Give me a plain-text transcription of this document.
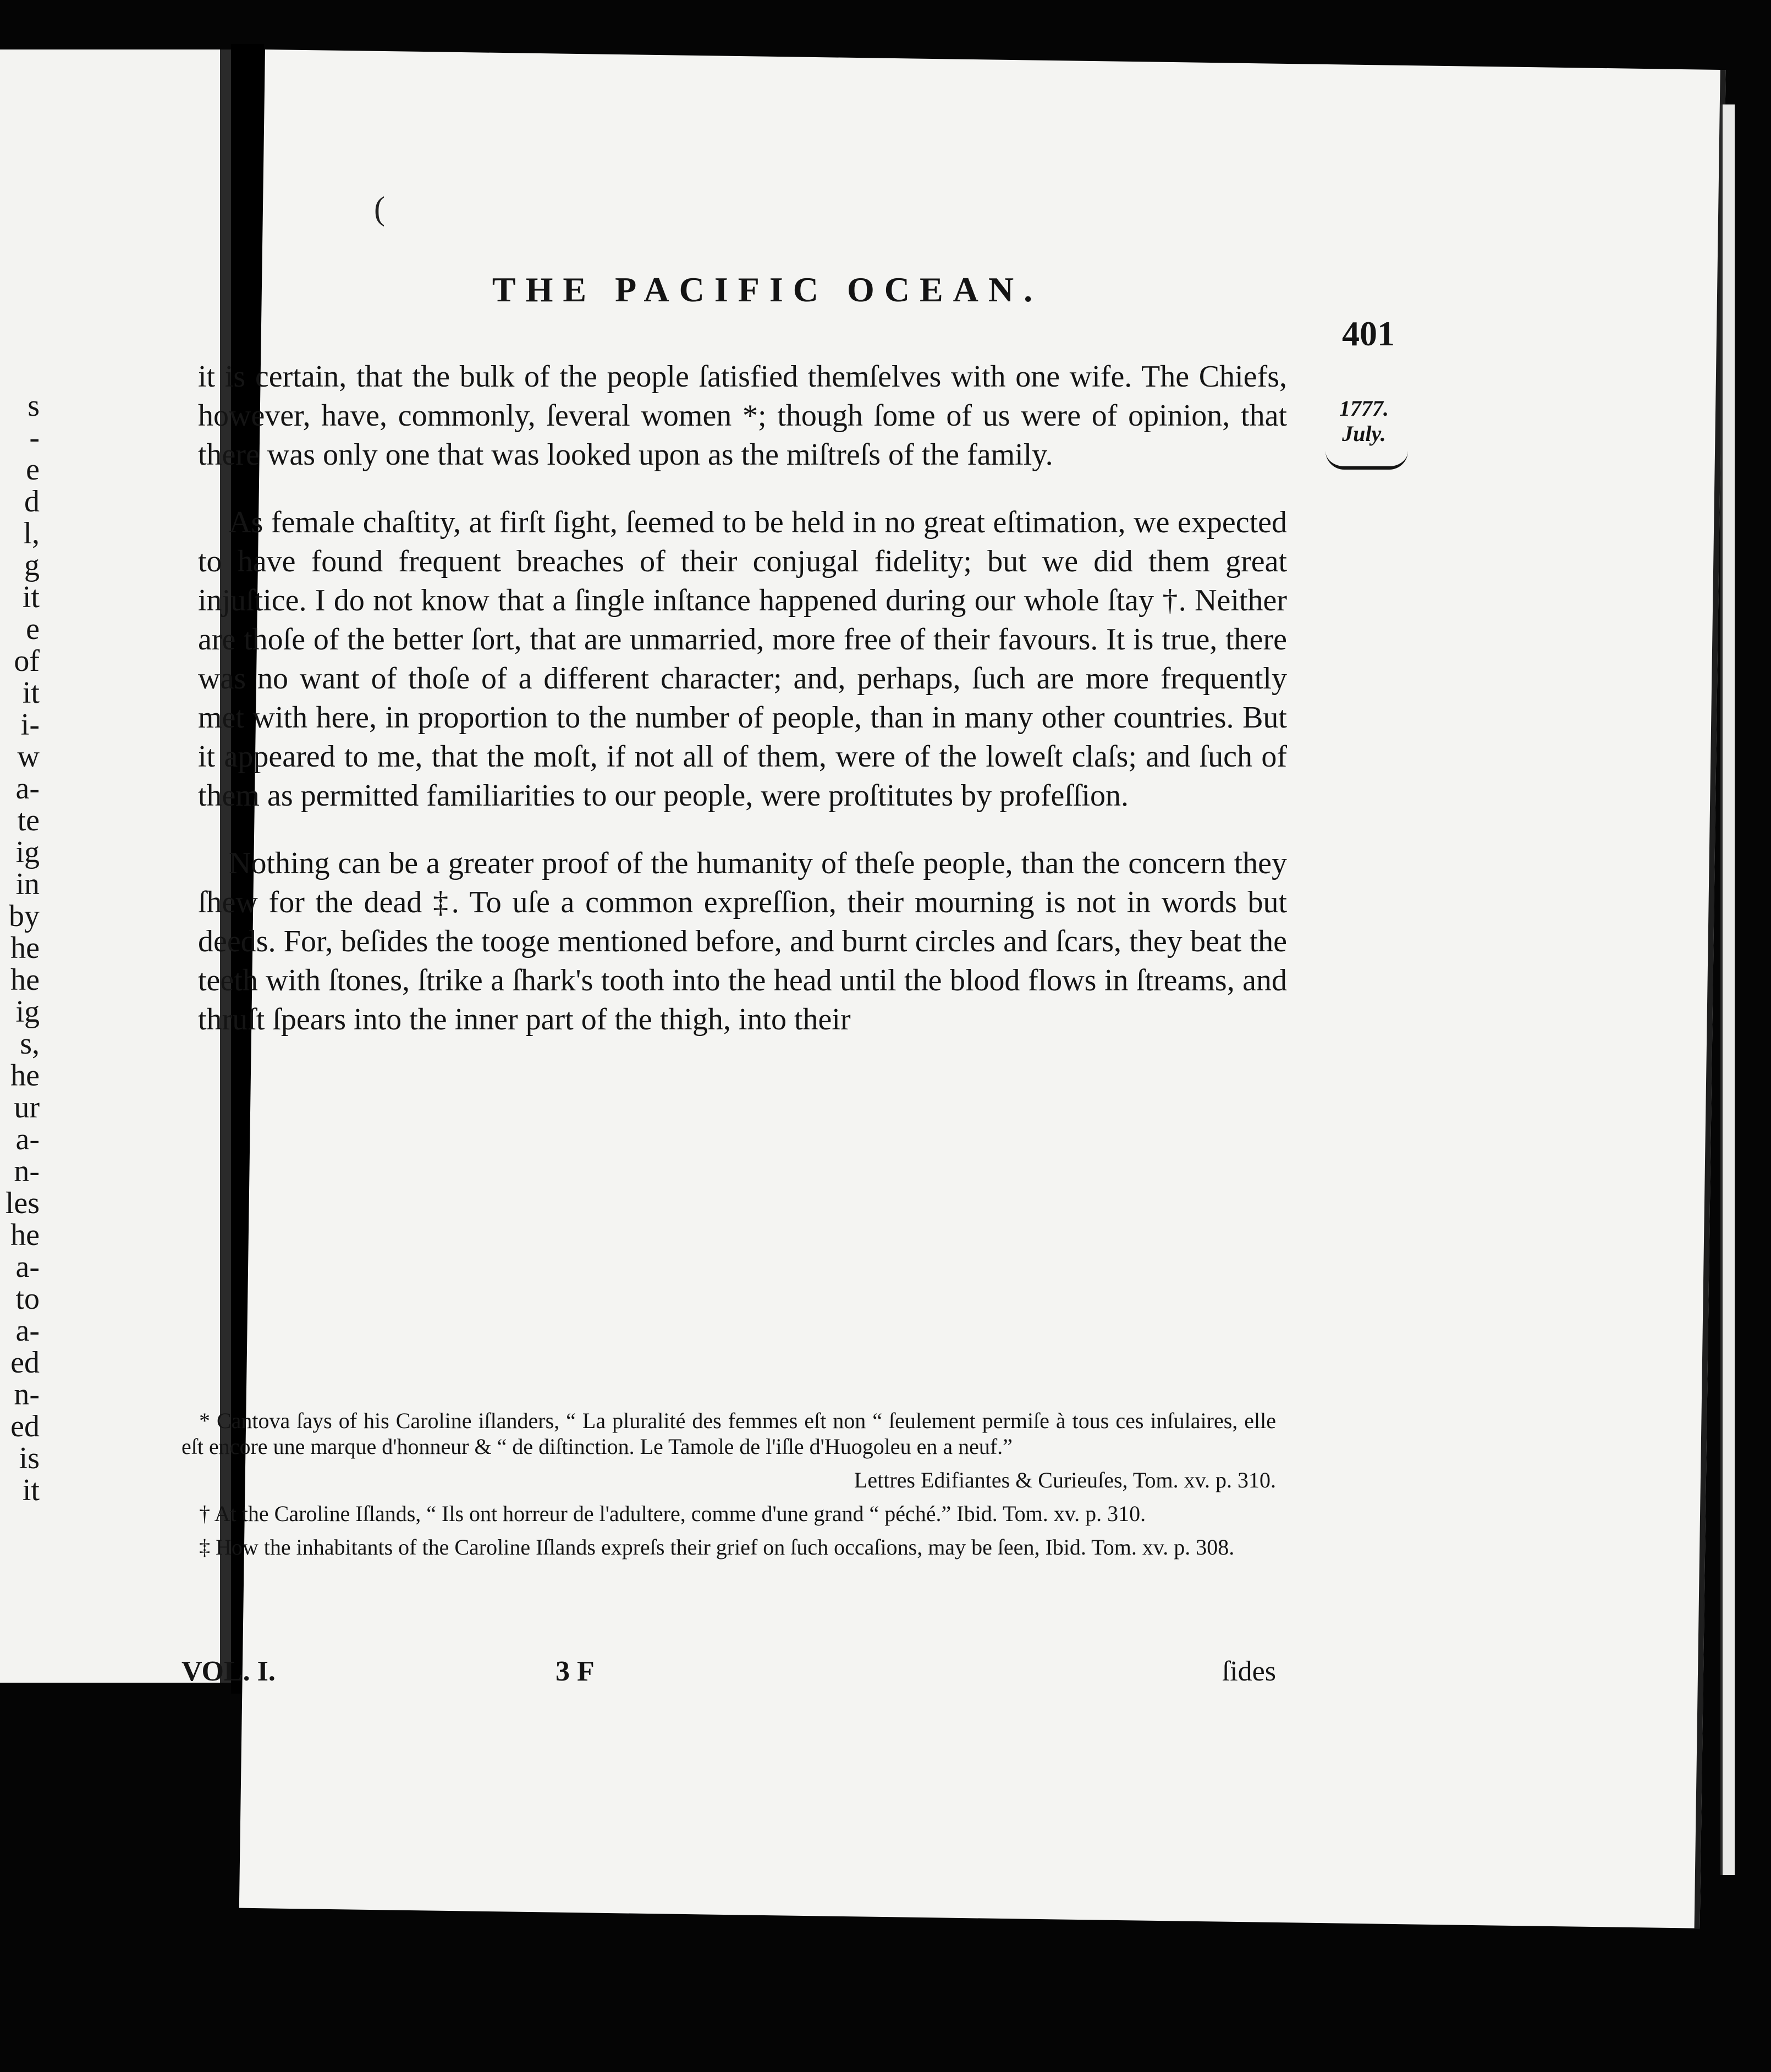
s
-
e
d
l,
g
it
e
of
it
i-
w
a-
te
ig
in
by
he
he
ig
s,
he
ur
a-
n-
les
he
a-
to
a-
ed
n-
ed
is
it
(
THE PACIFIC OCEAN.
401
1777.
July.

it is certain, that the bulk of the people ſatisfied themſelves with one wife. The Chiefs, however, have, commonly, ſeveral women *; though ſome of us were of opinion, that there was only one that was looked upon as the miſtreſs of the family.

As female chaſtity, at firſt ſight, ſeemed to be held in no great eſtimation, we expected to have found frequent breaches of their conjugal fidelity; but we did them great injuſtice. I do not know that a ſingle inſtance happened during our whole ſtay †. Neither are thoſe of the better ſort, that are unmarried, more free of their favours. It is true, there was no want of thoſe of a different character; and, perhaps, ſuch are more frequently met with here, in proportion to the number of people, than in many other countries. But it appeared to me, that the moſt, if not all of them, were of the loweſt claſs; and ſuch of them as permitted familiarities to our people, were proſtitutes by profeſſion.

Nothing can be a greater proof of the humanity of theſe people, than the concern they ſhew for the dead ‡. To uſe a common expreſſion, their mourning is not in words but deeds. For, beſides the tooge mentioned before, and burnt circles and ſcars, they beat the teeth with ſtones, ſtrike a ſhark's tooth into the head until the blood flows in ſtreams, and thruſt ſpears into the inner part of the thigh, into their

* Cantova ſays of his Caroline iſlanders, “ La pluralité des femmes eſt non “ ſeulement permiſe à tous ces inſulaires, elle eſt encore une marque d'honneur & “ de diſtinction. Le Tamole de l'iſle d'Huogoleu en a neuf.”

Lettres Edifiantes & Curieuſes, Tom. xv. p. 310.

† At the Caroline Iſlands, “ Ils ont horreur de l'adultere, comme d'une grand “ péché.” Ibid. Tom. xv. p. 310.

‡ How the inhabitants of the Caroline Iſlands expreſs their grief on ſuch occaſions, may be ſeen, Ibid. Tom. xv. p. 308.

VOL. I.	3 F	ſides
